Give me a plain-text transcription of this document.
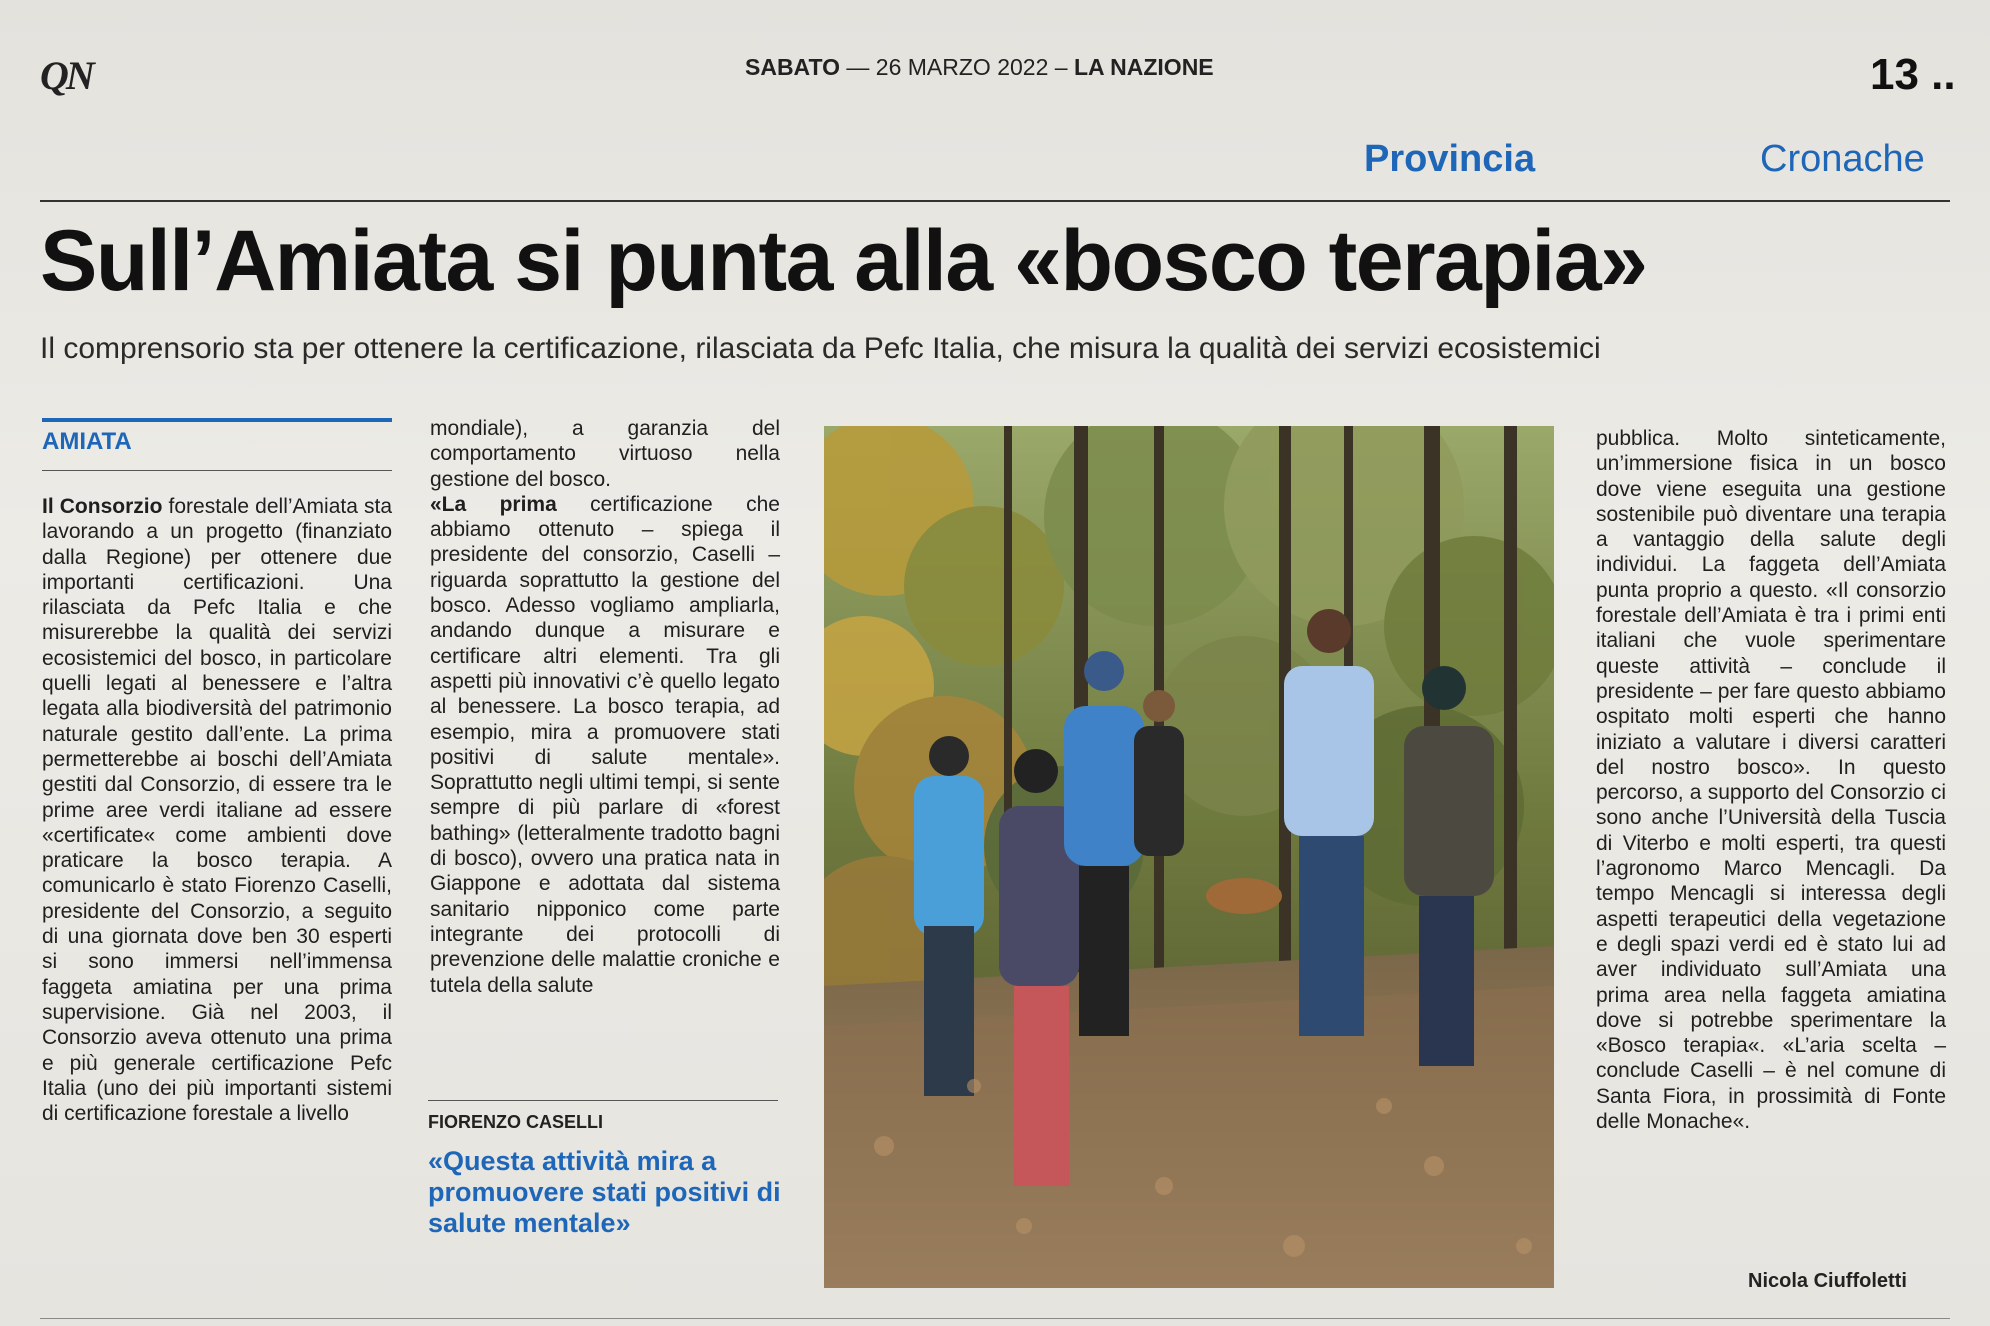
QN	SABATO — 26 MARZO 2022 – LA NAZIONE	13 ..
Provincia	Cronache
Sull’Amiata si punta alla «bosco terapia»
Il comprensorio sta per ottenere la certificazione, rilasciata da Pefc Italia, che misura la qualità dei servizi ecosistemici
AMIATA

Il Consorzio forestale dell’Amiata sta lavorando a un progetto (finanziato dalla Regione) per ottenere due importanti certificazioni. Una rilasciata da Pefc Italia e che misurerebbe la qualità dei servizi ecosistemici del bosco, in particolare quelli legati al benessere e l’altra legata alla biodiversità del patrimonio naturale gestito dall’ente. La prima permetterebbe ai boschi dell’Amiata gestiti dal Consorzio, di essere tra le prime aree verdi italiane ad essere «certificate« come ambienti dove praticare la bosco terapia. A comunicarlo è stato Fiorenzo Caselli, presidente del Consorzio, a seguito di una giornata dove ben 30 esperti si sono immersi nell’immensa faggeta amiatina per una prima supervisione. Già nel 2003, il Consorzio aveva ottenuto una prima e più generale certificazione Pefc Italia (uno dei più importanti sistemi di certificazione forestale a livello

mondiale), a garanzia del comportamento virtuoso nella gestione del bosco.

«La prima certificazione che abbiamo ottenuto – spiega il presidente del consorzio, Caselli – riguarda soprattutto la gestione del bosco. Adesso vogliamo ampliarla, andando dunque a misurare e certificare altri elementi. Tra gli aspetti più innovativi c’è quello legato al benessere. La bosco terapia, ad esempio, mira a promuovere stati positivi di salute mentale». Soprattutto negli ultimi tempi, si sente sempre di più parlare di «forest bathing» (letteralmente tradotto bagni di bosco), ovvero una pratica nata in Giappone e adottata dal sistema sanitario nipponico come parte integrante dei protocolli di prevenzione delle malattie croniche e tutela della salute

FIORENZO CASELLI
«Questa attività mira a promuovere stati positivi di salute mentale»

pubblica. Molto sinteticamente, un’immersione fisica in un bosco dove viene eseguita una gestione sostenibile può diventare una terapia a vantaggio della salute degli individui. La faggeta dell’Amiata punta proprio a questo. «Il consorzio forestale dell’Amiata è tra i primi enti italiani che vuole sperimentare queste attività – conclude il presidente – per fare questo abbiamo ospitato molti esperti che hanno iniziato a valutare i diversi caratteri del nostro bosco». In questo percorso, a supporto del Consorzio ci sono anche l’Università della Tuscia di Viterbo e molti esperti, tra questi l’agronomo Marco Mencagli. Da tempo Mencagli si interessa degli aspetti terapeutici della vegetazione e degli spazi verdi ed è stato lui ad aver individuato sull’Amiata una prima area nella faggeta amiatina dove si potrebbe sperimentare la «Bosco terapia«. «L’aria scelta – conclude Caselli – è nel comune di Santa Fiora, in prossimità di Fonte delle Monache«.

Nicola Ciuffoletti
